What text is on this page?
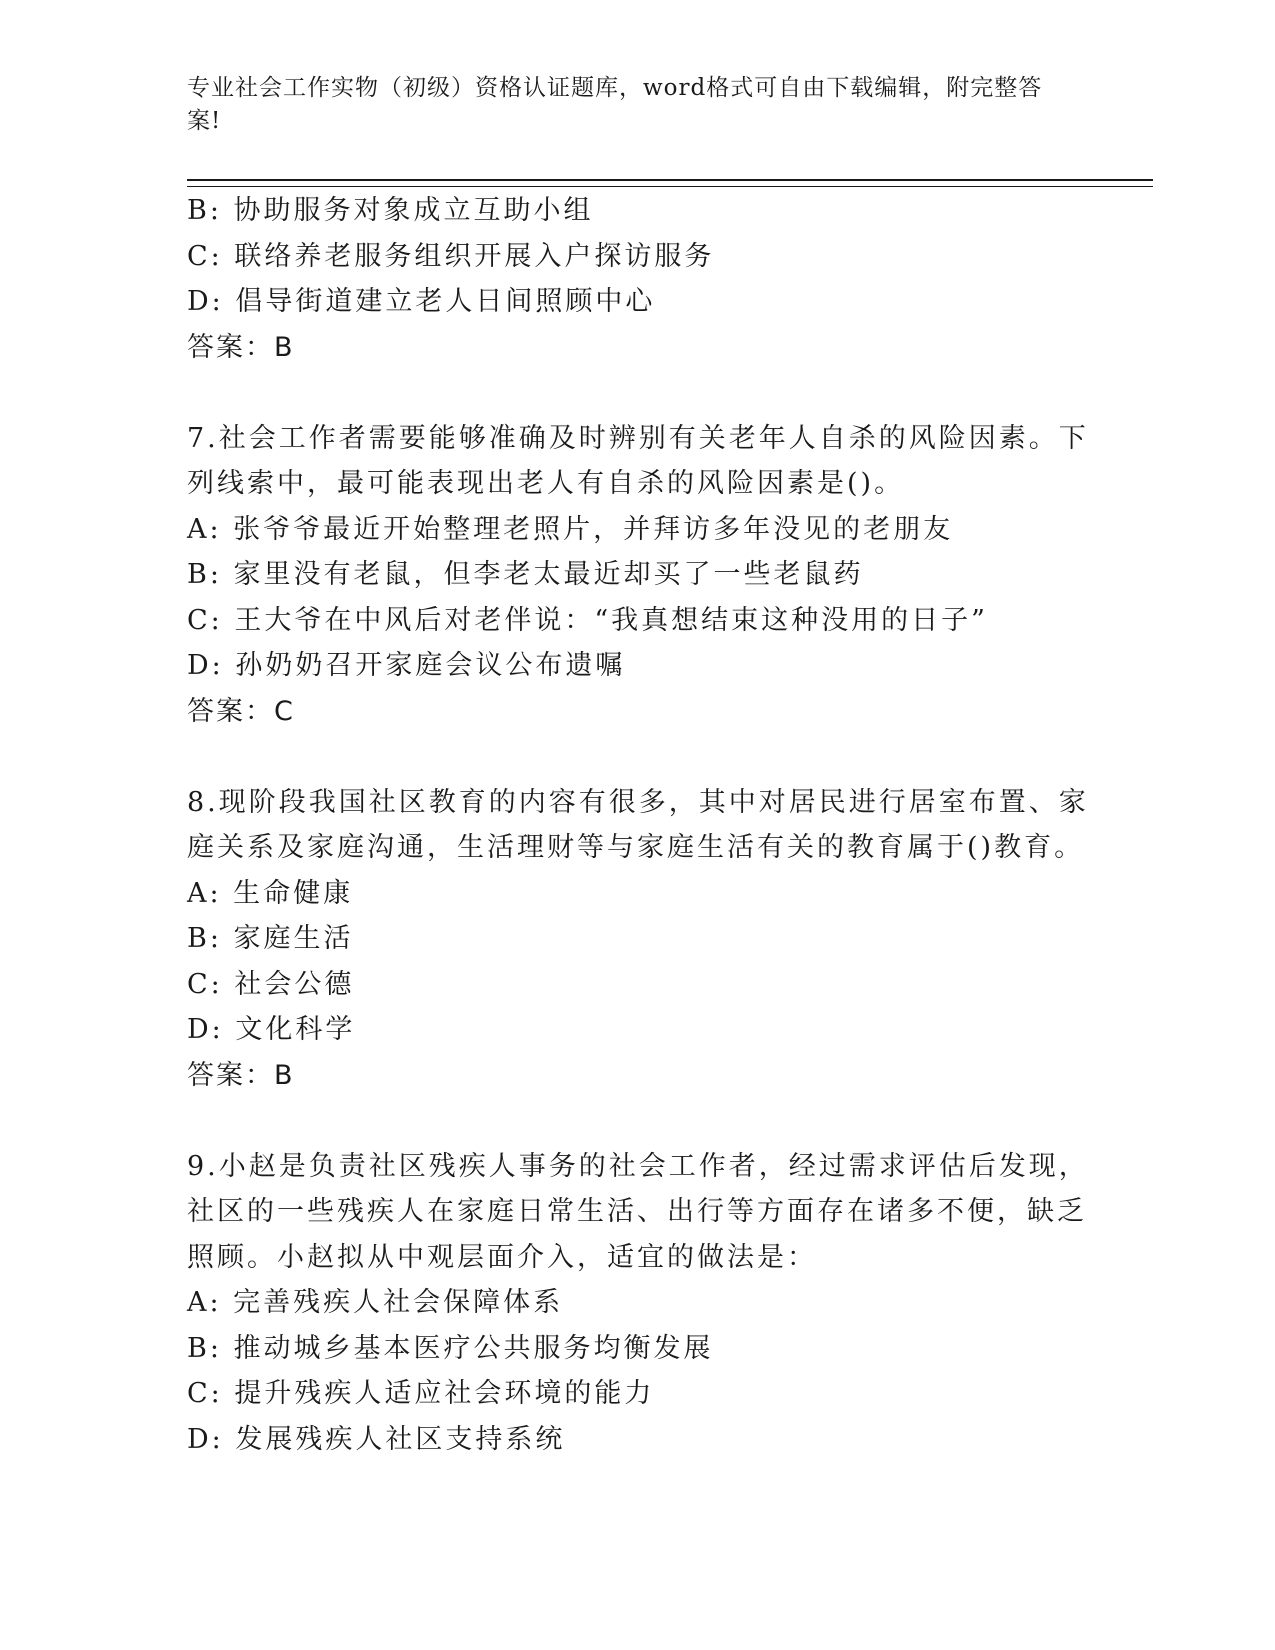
专业社会工作实物（初级）资格认证题库，word格式可自由下载编辑，附完整答
案!
B: 协助服务对象成立互助小组
C: 联络养老服务组织开展入户探访服务
D: 倡导街道建立老人日间照顾中心
答案：B
7.社会工作者需要能够准确及时辨别有关老年人自杀的风险因素。下
列线索中，最可能表现出老人有自杀的风险因素是()。
A: 张爷爷最近开始整理老照片，并拜访多年没见的老朋友
B: 家里没有老鼠，但李老太最近却买了一些老鼠药
C: 王大爷在中风后对老伴说：“我真想结束这种没用的日子”
D: 孙奶奶召开家庭会议公布遗嘱
答案：C
8.现阶段我国社区教育的内容有很多，其中对居民进行居室布置、家
庭关系及家庭沟通，生活理财等与家庭生活有关的教育属于()教育。
A: 生命健康
B: 家庭生活
C: 社会公德
D: 文化科学
答案：B
9.小赵是负责社区残疾人事务的社会工作者，经过需求评估后发现，
社区的一些残疾人在家庭日常生活、出行等方面存在诸多不便，缺乏
照顾。小赵拟从中观层面介入，适宜的做法是：
A: 完善残疾人社会保障体系
B: 推动城乡基本医疗公共服务均衡发展
C: 提升残疾人适应社会环境的能力
D: 发展残疾人社区支持系统
